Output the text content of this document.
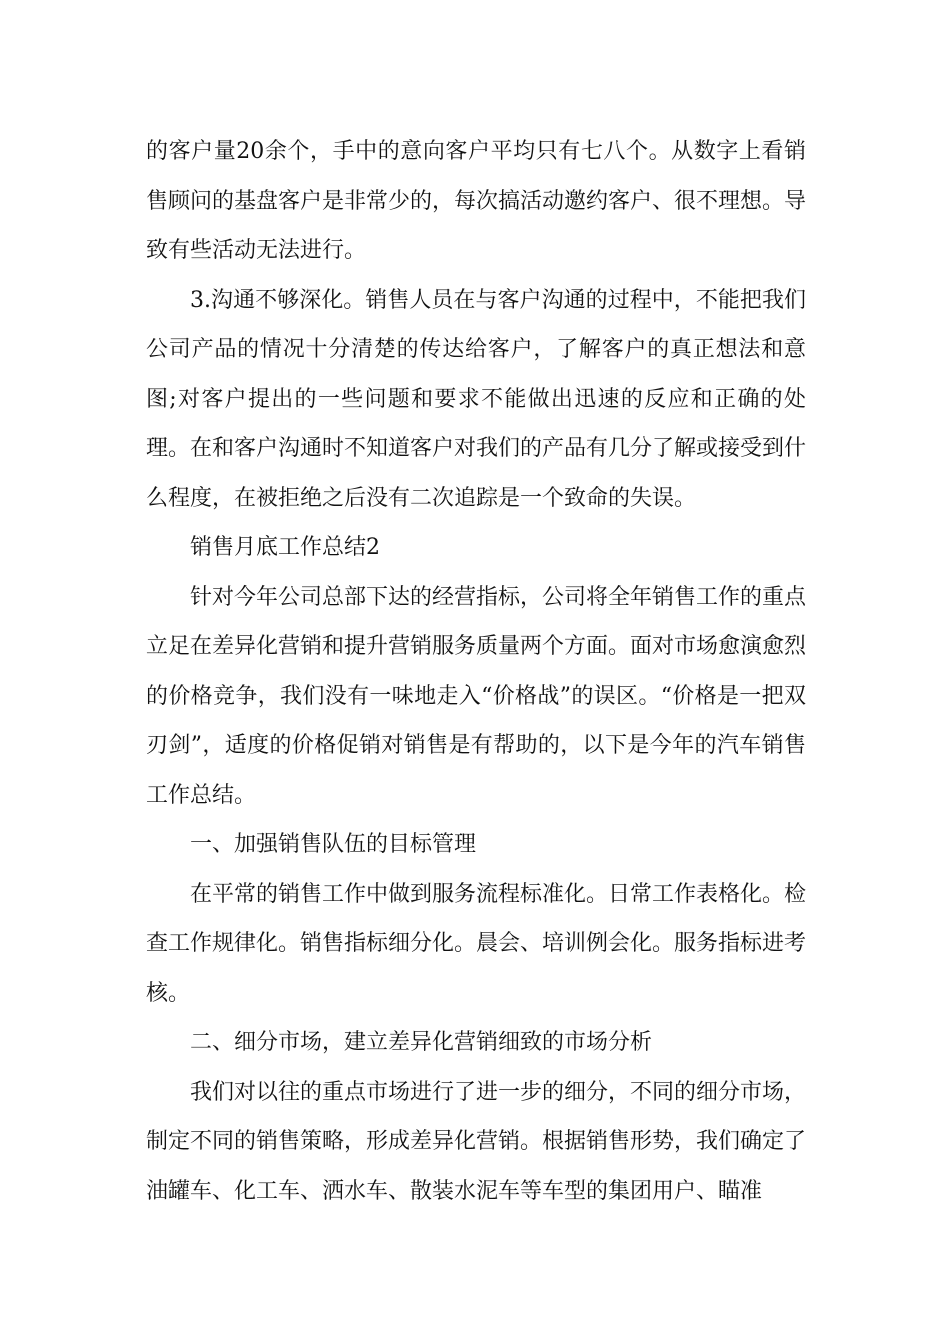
的客户量20余个，手中的意向客户平均只有七八个。从数字上看销售顾问的基盘客户是非常少的，每次搞活动邀约客户、很不理想。导致有些活动无法进行。

3.沟通不够深化。销售人员在与客户沟通的过程中，不能把我们公司产品的情况十分清楚的传达给客户，了解客户的真正想法和意图;对客户提出的一些问题和要求不能做出迅速的反应和正确的处理。在和客户沟通时不知道客户对我们的产品有几分了解或接受到什么程度，在被拒绝之后没有二次追踪是一个致命的失误。

销售月底工作总结2

针对今年公司总部下达的经营指标，公司将全年销售工作的重点立足在差异化营销和提升营销服务质量两个方面。面对市场愈演愈烈的价格竞争，我们没有一味地走入“价格战”的误区。“价格是一把双刃剑”，适度的价格促销对销售是有帮助的，以下是今年的汽车销售工作总结。

一、加强销售队伍的目标管理

在平常的销售工作中做到服务流程标准化。日常工作表格化。检查工作规律化。销售指标细分化。晨会、培训例会化。服务指标进考核。

二、细分市场，建立差异化营销细致的市场分析

我们对以往的重点市场进行了进一步的细分，不同的细分市场，制定不同的销售策略，形成差异化营销。根据销售形势，我们确定了油罐车、化工车、洒水车、散装水泥车等车型的集团用户、瞄准
